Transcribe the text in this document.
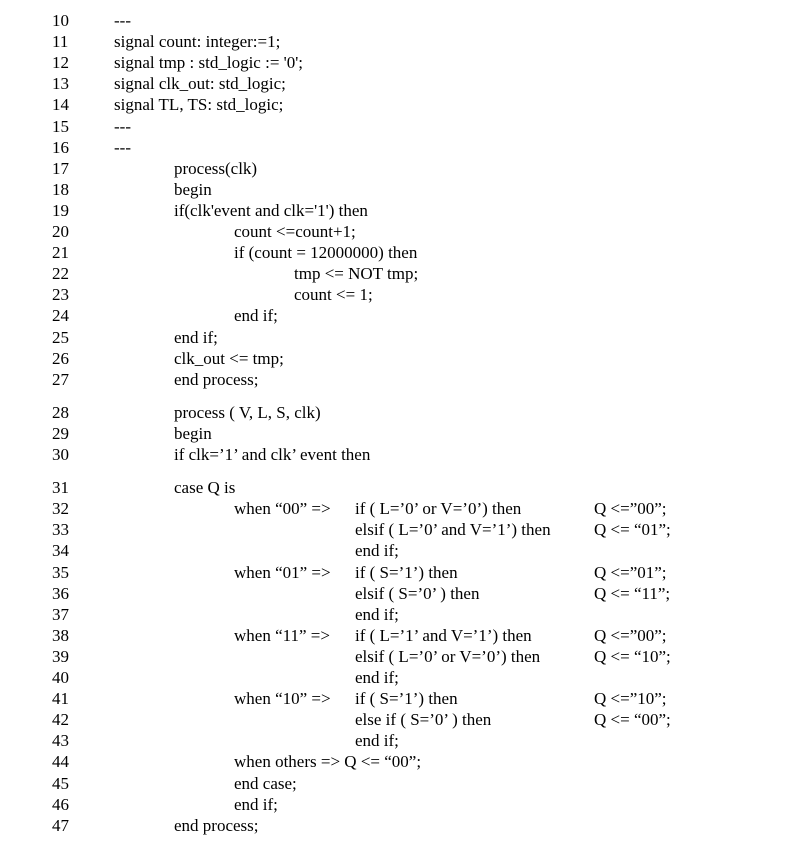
10	---
11	signal count: integer:=1;
12	signal tmp : std_logic := '0';
13	signal clk_out: std_logic;
14	signal TL, TS: std_logic;
15	---
16	---
17	process(clk)
18	begin
19	if(clk'event and clk='1') then
20	count <=count+1;
21	if (count = 12000000) then
22	tmp <= NOT tmp;
23	count <= 1;
24	end if;
25	end if;
26	clk_out <= tmp;
27	end process;
28	process ( V, L, S, clk)
29	begin
30	if clk=’1’ and clk’ event then
31	case Q is
32	when “00” => if ( L=’0’ or V=’0’) then	Q <=”00”;
33	elsif ( L=’0’ and V=’1’) then	Q <= “01”;
34	end if;
35	when “01” => if ( S=’1’) then	Q <=”01”;
36	elsif ( S=’0’ ) then	Q <= “11”;
37	end if;
38	when “11” => if ( L=’1’ and V=’1’) then	Q <=”00”;
39	elsif ( L=’0’ or V=’0’) then	Q <= “10”;
40	end if;
41	when “10” => if ( S=’1’) then	Q <=”10”;
42	else if ( S=’0’ ) then	Q <= “00”;
43	end if;
44	when others => Q <= “00”;
45	end case;
46	end if;
47	end process;
